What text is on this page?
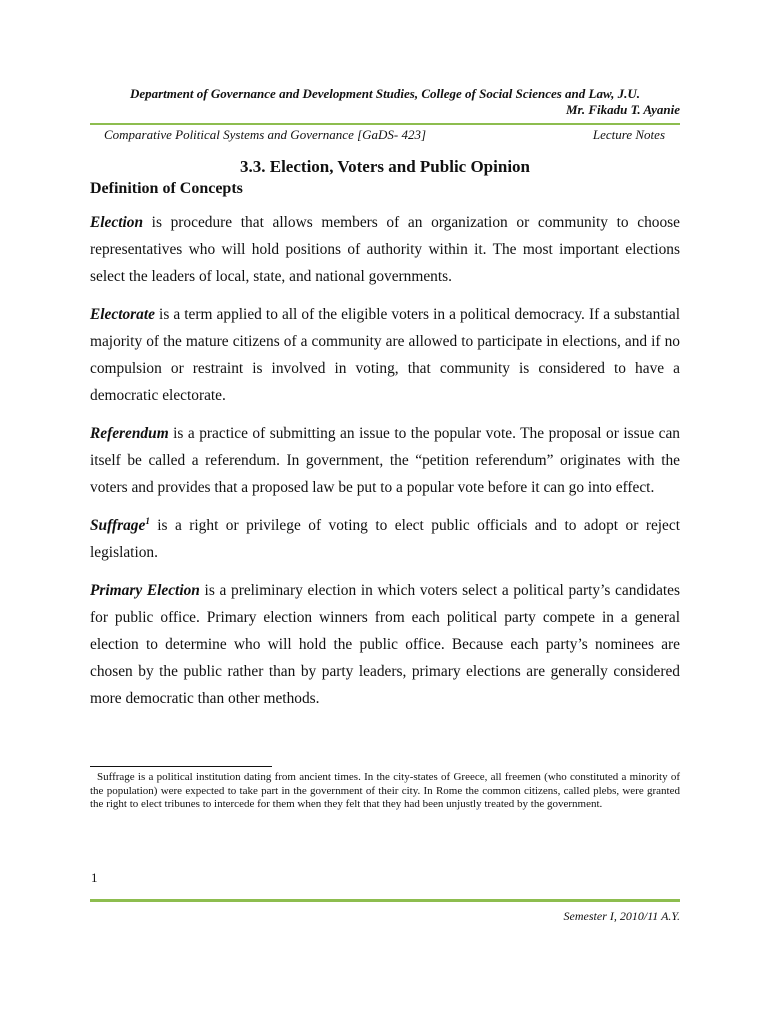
Department of Governance and Development Studies, College of Social Sciences and Law, J.U.
Mr. Fikadu T. Ayanie
Comparative Political Systems and Governance [GaDS- 423]	Lecture Notes
3.3. Election, Voters and Public Opinion
Definition of Concepts

Election is procedure that allows members of an organization or community to choose representatives who will hold positions of authority within it. The most important elections select the leaders of local, state, and national governments.

Electorate is a term applied to all of the eligible voters in a political democracy. If a substantial majority of the mature citizens of a community are allowed to participate in elections, and if no compulsion or restraint is involved in voting, that community is considered to have a democratic electorate.

Referendum is a practice of submitting an issue to the popular vote. The proposal or issue can itself be called a referendum. In government, the “petition referendum” originates with the voters and provides that a proposed law be put to a popular vote before it can go into effect.

Suffrage$^1$ is a right or privilege of voting to elect public officials and to adopt or reject legislation.

Primary Election is a preliminary election in which voters select a political party’s candidates for public office. Primary election winners from each political party compete in a general election to determine who will hold the public office. Because each party’s nominees are chosen by the public rather than by party leaders, primary elections are generally considered more democratic than other methods.

Suffrage is a political institution dating from ancient times. In the city-states of Greece, all freemen (who constituted a minority of the population) were expected to take part in the government of their city. In Rome the common citizens, called plebs, were granted the right to elect tribunes to intercede for them when they felt that they had been unjustly treated by the government.

1
Semester I, 2010/11 A.Y.
